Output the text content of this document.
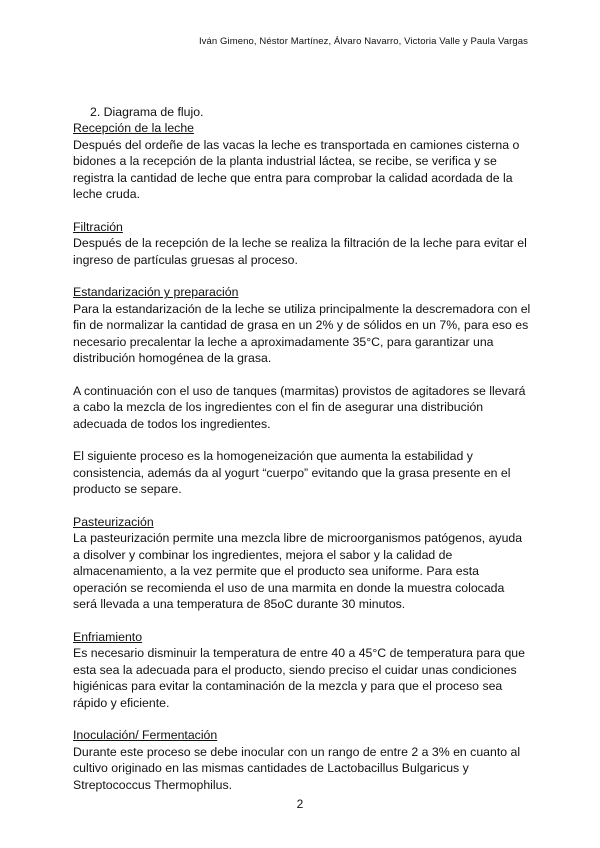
Iván Gimeno, Néstor Martínez, Álvaro Navarro, Victoria Valle y Paula Vargas

2. Diagrama de flujo.

Recepción de la leche

Después del ordeñe de las vacas la leche es transportada en camiones cisterna o bidones a la recepción de la planta industrial láctea, se recibe, se verifica y se registra la cantidad de leche que entra para comprobar la calidad acordada de la leche cruda.

Filtración

Después de la recepción de la leche se realiza la filtración de la leche para evitar el ingreso de partículas gruesas al proceso.

Estandarización y preparación

Para la estandarización de la leche se utiliza principalmente la descremadora con el fin de normalizar la cantidad de grasa en un 2% y de sólidos en un 7%, para eso es necesario precalentar la leche a aproximadamente 35°C, para garantizar una distribución homogénea de la grasa.

A continuación con el uso de tanques (marmitas) provistos de agitadores se llevará a cabo la mezcla de los ingredientes con el fin de asegurar una distribución adecuada de todos los ingredientes.

El siguiente proceso es la homogeneización que aumenta la estabilidad y consistencia, además da al yogurt “cuerpo” evitando que la grasa presente en el producto se separe.

Pasteurización

La pasteurización permite una mezcla libre de microorganismos patógenos, ayuda a disolver y combinar los ingredientes, mejora el sabor y la calidad de almacenamiento, a la vez permite que el producto sea uniforme. Para esta operación se recomienda el uso de una marmita en donde la muestra colocada será llevada a una temperatura de 85oC durante 30 minutos.

Enfriamiento

Es necesario disminuir la temperatura de entre 40 a 45°C de temperatura para que esta sea la adecuada para el producto, siendo preciso el cuidar unas condiciones higiénicas para evitar la contaminación de la mezcla y para que el proceso sea rápido y eficiente.

Inoculación/ Fermentación

Durante este proceso se debe inocular con un rango de entre 2 a 3% en cuanto al cultivo originado en las mismas cantidades de Lactobacillus Bulgaricus y Streptococcus Thermophilus.

2
